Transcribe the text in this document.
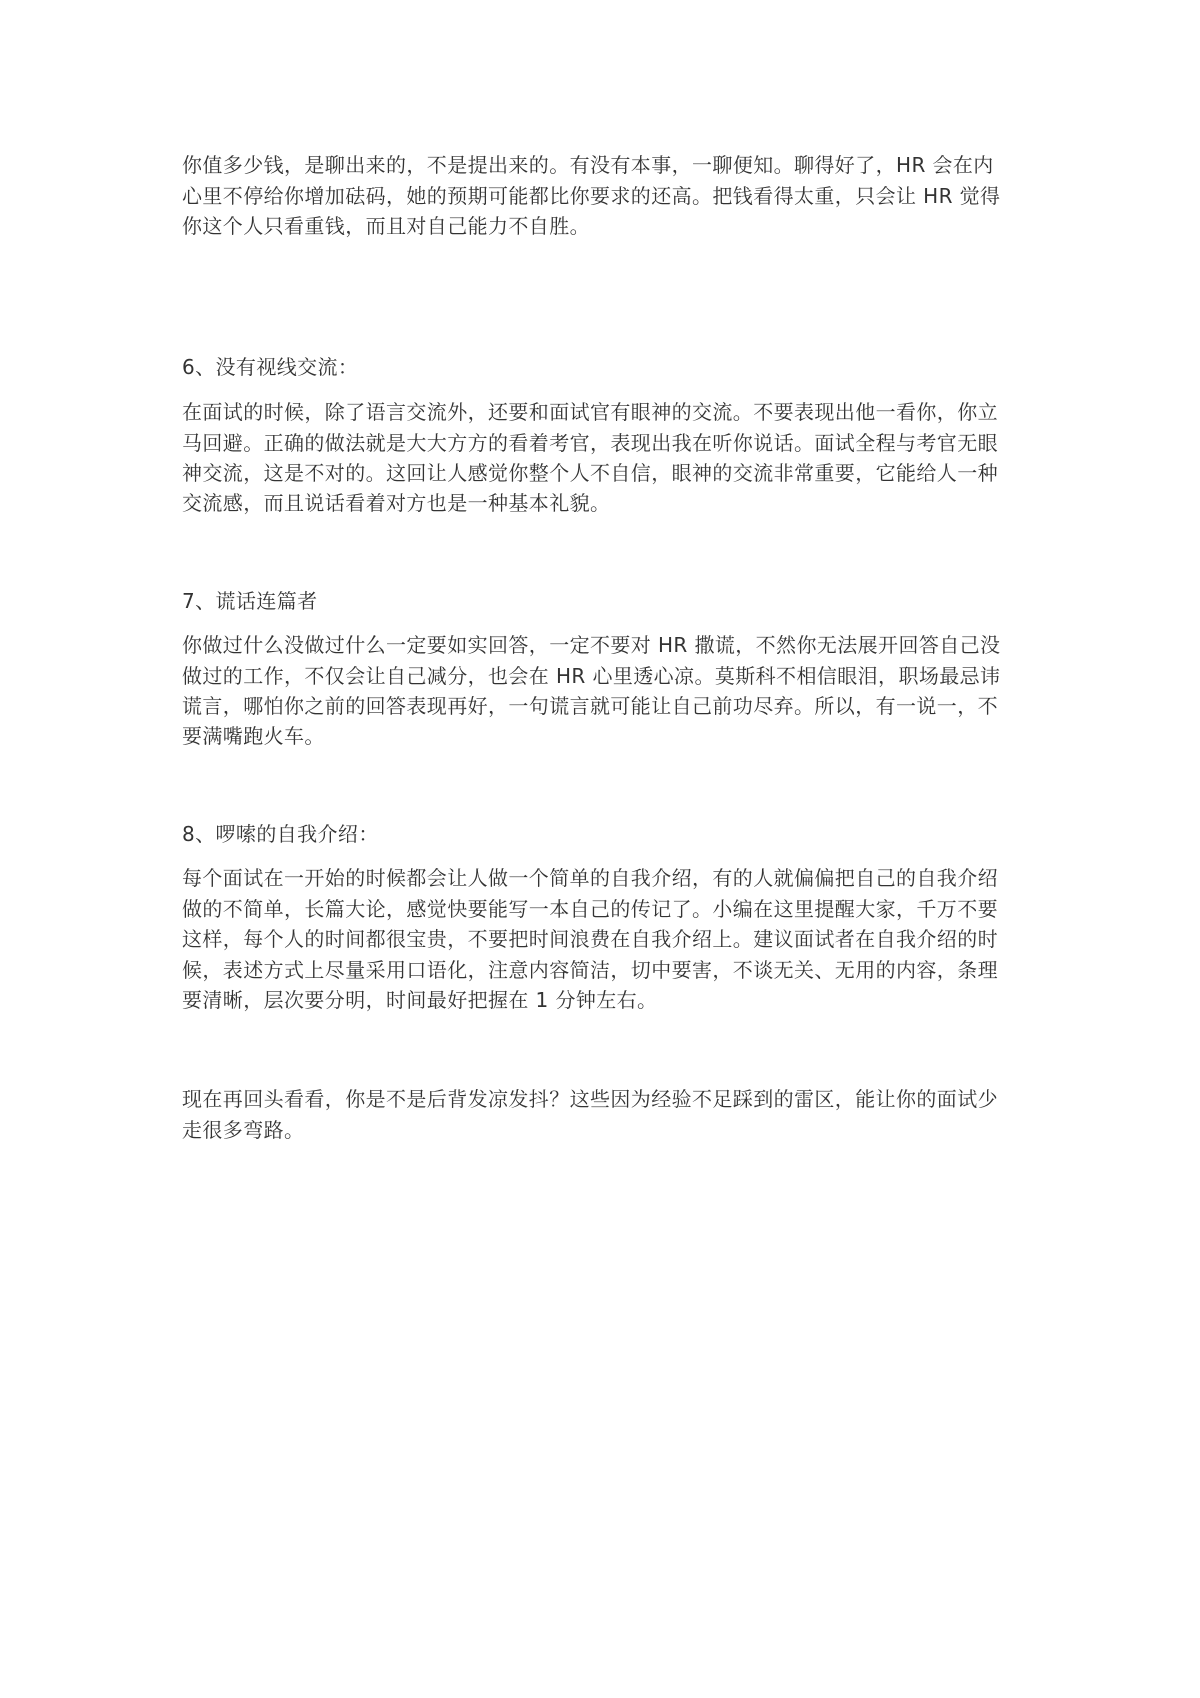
你值多少钱，是聊出来的，不是提出来的。有没有本事，一聊便知。聊得好了，HR 会在内
心里不停给你增加砝码，她的预期可能都比你要求的还高。把钱看得太重，只会让 HR 觉得
你这个人只看重钱，而且对自己能力不自胜。
6、没有视线交流：
在面试的时候，除了语言交流外，还要和面试官有眼神的交流。不要表现出他一看你，你立
马回避。正确的做法就是大大方方的看着考官，表现出我在听你说话。面试全程与考官无眼
神交流，这是不对的。这回让人感觉你整个人不自信，眼神的交流非常重要，它能给人一种
交流感，而且说话看着对方也是一种基本礼貌。
7、谎话连篇者
你做过什么没做过什么一定要如实回答，一定不要对 HR 撒谎，不然你无法展开回答自己没
做过的工作，不仅会让自己减分，也会在 HR 心里透心凉。莫斯科不相信眼泪，职场最忌讳
谎言，哪怕你之前的回答表现再好，一句谎言就可能让自己前功尽弃。所以，有一说一，不
要满嘴跑火车。
8、啰嗦的自我介绍：
每个面试在一开始的时候都会让人做一个简单的自我介绍，有的人就偏偏把自己的自我介绍
做的不简单，长篇大论，感觉快要能写一本自己的传记了。小编在这里提醒大家，千万不要
这样，每个人的时间都很宝贵，不要把时间浪费在自我介绍上。建议面试者在自我介绍的时
候，表述方式上尽量采用口语化，注意内容简洁，切中要害，不谈无关、无用的内容，条理
要清晰，层次要分明，时间最好把握在 1 分钟左右。
现在再回头看看，你是不是后背发凉发抖？这些因为经验不足踩到的雷区，能让你的面试少
走很多弯路。
